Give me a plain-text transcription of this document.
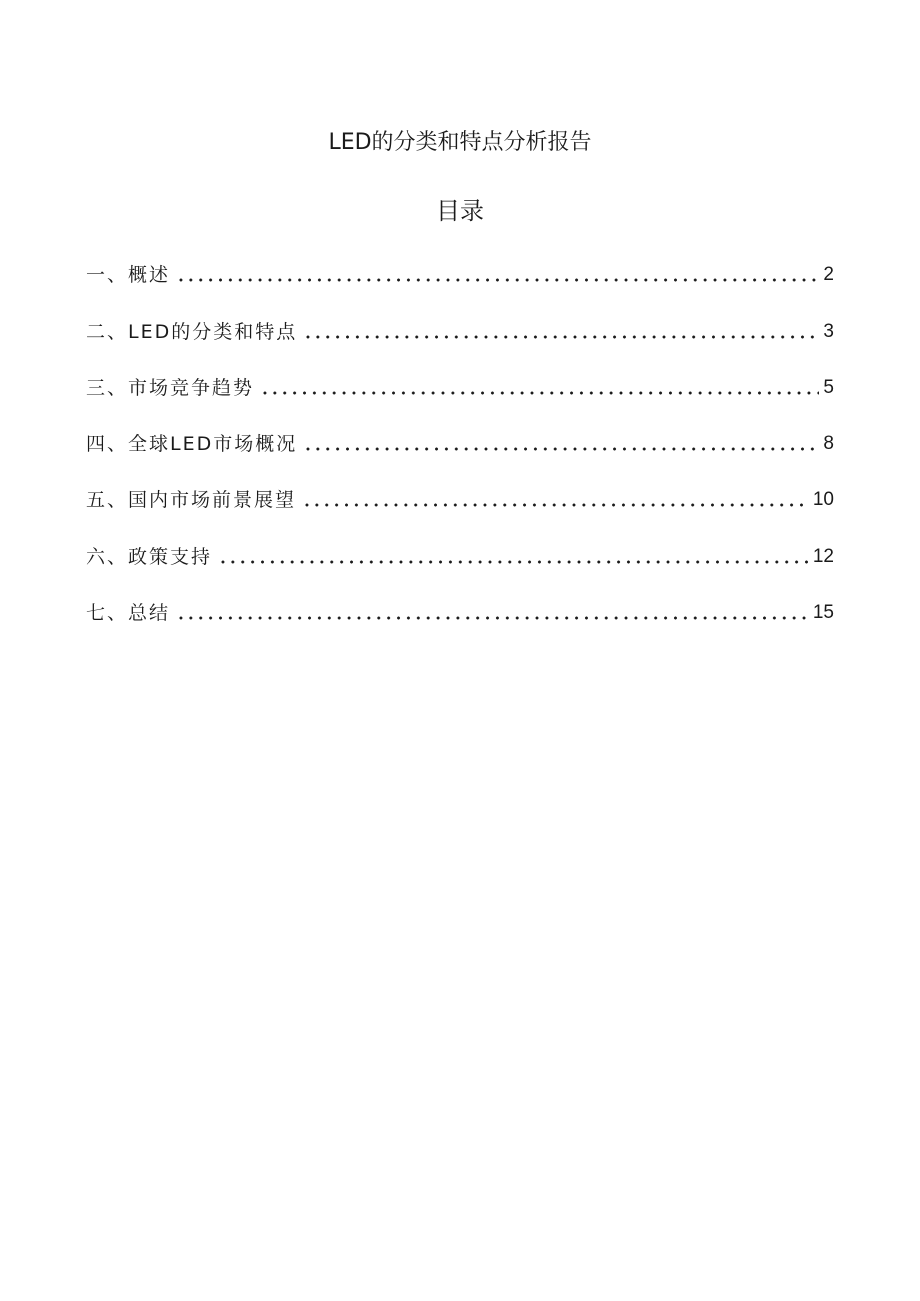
LED的分类和特点分析报告
目录
一、概述	2
二、LED的分类和特点	3
三、市场竞争趋势	5
四、全球LED市场概况	8
五、国内市场前景展望	10
六、政策支持	12
七、总结	15
